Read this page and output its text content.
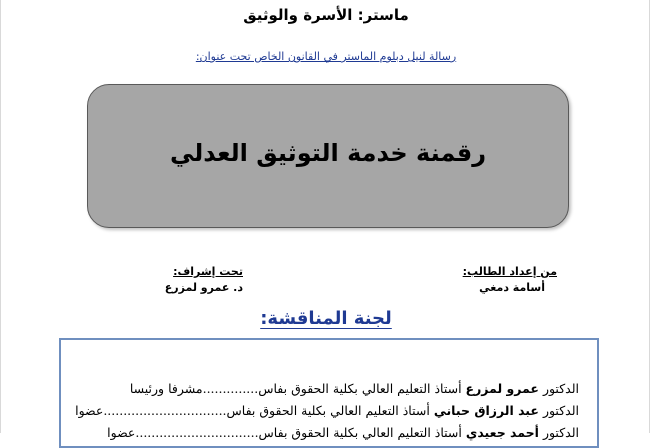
ماستر: الأسرة والوثيق
رسالة لنيل دبلوم الماستر في القانون الخاص تحت عنوان:
رقمنة خدمة التوثيق العدلي
من إعداد الطالب:
أسامة دمغي
تحت إشراف:
د. عمرو لمزرع
لجنة المناقشة:
الدكتور عمرو لمزرع أستاذ التعليم العالي بكلية الحقوق بفاس..............مشرفا ورئيسا
الدكتور عبد الرزاق حباني أستاذ التعليم العالي بكلية الحقوق بفاس...............................عضوا
الدكتور أحمد جعيدي أستاذ التعليم العالي بكلية الحقوق بفاس...............................عضوا
